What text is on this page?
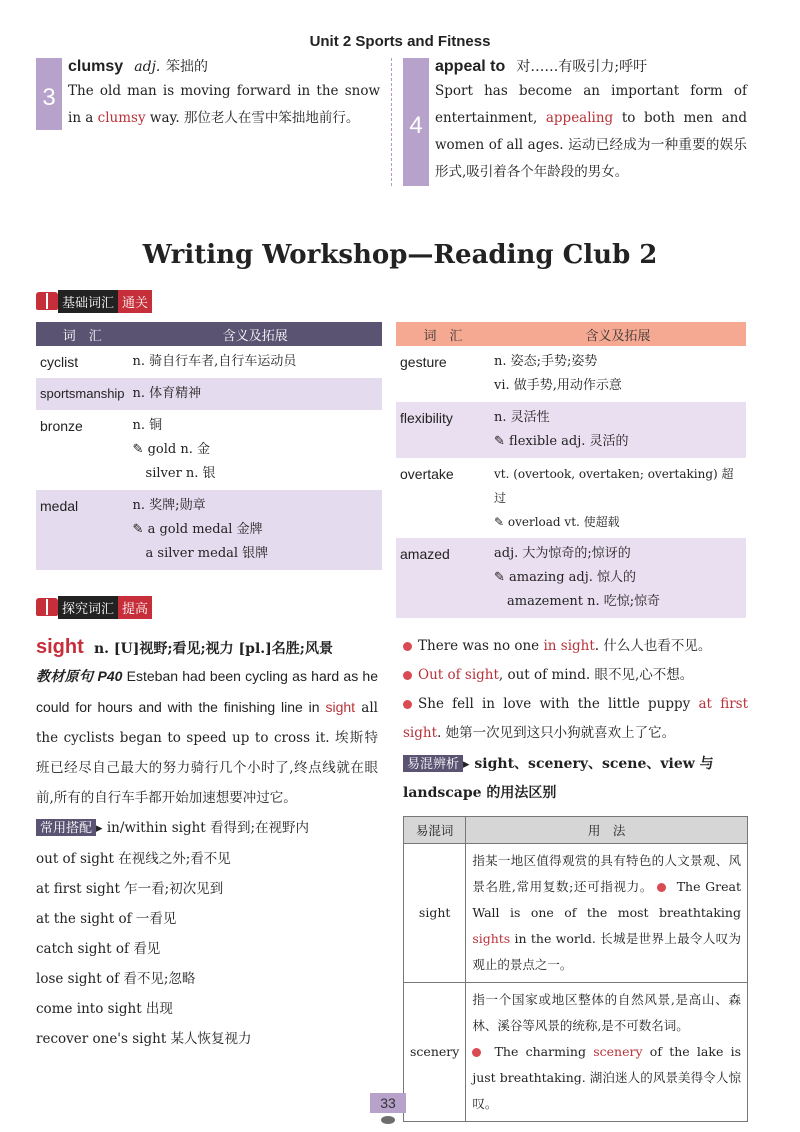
Unit 2 Sports and Fitness
3
clumsy adj. 笨拙的
The old man is moving forward in the snow in a clumsy way. 那位老人在雪中笨拙地前行。	4
appeal to 对……有吸引力;呼吁
Sport has become an important form of entertainment, appealing to both men and women of all ages. 运动已经成为一种重要的娱乐形式,吸引着各个年龄段的男女。
Writing Workshop—Reading Club 2
基础词汇 通关
词　汇	含义及拓展
cyclist	n. 骑自行车者,自行车运动员

sportsmanship	n. 体育精神

bronze	n. 铜
✎ gold n. 金
　silver n. 银

medal	n. 奖牌;勋章
✎ a gold medal 金牌
　a silver medal 银牌
词　汇	含义及拓展
gesture	n. 姿态;手势;姿势
vi. 做手势,用动作示意

flexibility	n. 灵活性
✎ flexible adj. 灵活的

overtake	vt. (overtook, overtaken; overtaking) 超过
✎ overload vt. 使超载

amazed	adj. 大为惊奇的;惊讶的
✎ amazing adj. 惊人的
　amazement n. 吃惊;惊奇
探究词汇 提高
sight n. [U]视野;看见;视力 [pl.]名胜;风景
教材原句 P40 Esteban had been cycling as hard as he could for hours and with the finishing line in sight all the cyclists began to speed up to cross it. 埃斯特班已经尽自己最大的努力骑行几个小时了,终点线就在眼前,所有的自行车手都开始加速想要冲过它。
常用搭配 ▸ in/within sight 看得到;在视野内
out of sight 在视线之外;看不见
at first sight 乍一看;初次见到
at the sight of 一看见
catch sight of 看见
lose sight of 看不见;忽略
come into sight 出现
recover one's sight 某人恢复视力
There was no one in sight. 什么人也看不见。
Out of sight, out of mind. 眼不见,心不想。
She fell in love with the little puppy at first sight. 她第一次见到这只小狗就喜欢上了它。
易混辨析 ▸ sight、scenery、scene、view 与 landscape 的用法区别
易混词	用　法
sight	指某一地区值得观赏的具有特色的人文景观、风景名胜,常用复数;还可指视力。 The Great Wall is one of the most breathtaking sights in the world. 长城是世界上最令人叹为观止的景点之一。
scenery	指一个国家或地区整体的自然风景,是高山、森林、溪谷等风景的统称,是不可数名词。
The charming scenery of the lake is just breathtaking. 湖泊迷人的风景美得令人惊叹。
33
